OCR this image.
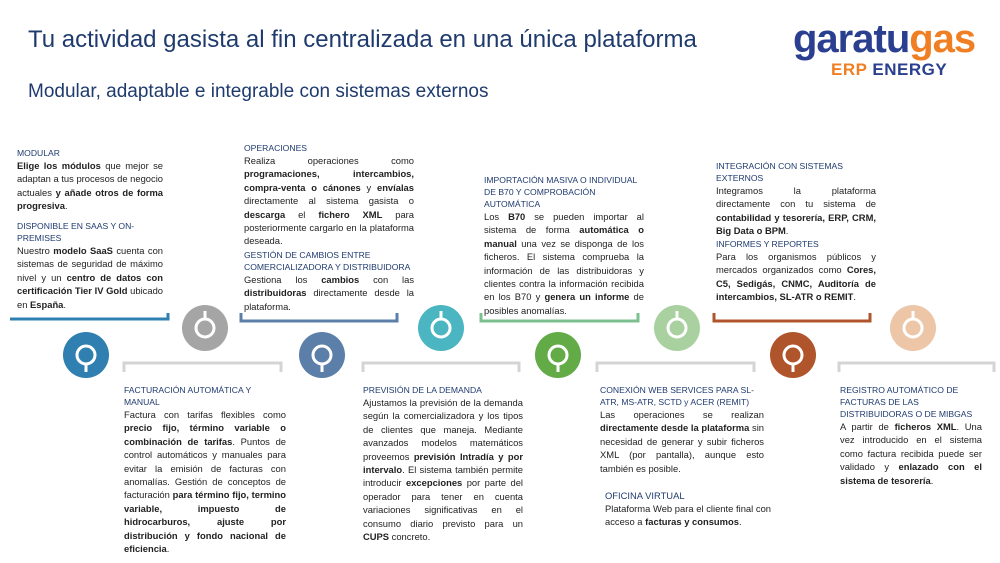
Tu actividad gasista al fin centralizada en una única plataforma
Modular, adaptable e integrable con sistemas externos
garatugas
ERP ENERGY
MODULAR

Elige los módulos que mejor se adaptan a tus procesos de negocio actuales y añade otros de forma progresiva.

DISPONIBLE EN SAAS Y ON-PREMISES

Nuestro modelo SaaS cuenta con sistemas de seguridad de máximo nivel y un centro de datos con certificación Tier IV Gold ubicado en España.

OPERACIONES

Realiza operaciones como programaciones, intercambios, compra-venta o cánones y envíalas directamente al sistema gasista o descarga el fichero XML para posteriormente cargarlo en la plataforma deseada.

GESTIÓN DE CAMBIOS ENTRE COMERCIALIZADORA Y DISTRIBUIDORA

Gestiona los cambios con las distribuidoras directamente desde la plataforma.

IMPORTACIÓN MASIVA O INDIVIDUAL DE B70 Y COMPROBACIÓN AUTOMÁTICA

Los B70 se pueden importar al sistema de forma automática o manual una vez se disponga de los ficheros. El sistema comprueba la información de las distribuidoras y clientes contra la información recibida en los B70 y genera un informe de posibles anomalías.

INTEGRACIÓN CON SISTEMAS EXTERNOS

Integramos la plataforma directamente con tu sistema de contabilidad y tesorería, ERP, CRM, Big Data o BPM.

INFORMES Y REPORTES

Para los organismos públicos y mercados organizados como Cores, C5, Sedigás, CNMC, Auditoría de intercambios, SL-ATR o REMIT.

FACTURACIÓN AUTOMÁTICA Y MANUAL

Factura con tarifas flexibles como precio fijo, término variable o combinación de tarifas. Puntos de control automáticos y manuales para evitar la emisión de facturas con anomalías. Gestión de conceptos de facturación para término fijo, termino variable, impuesto de hidrocarburos, ajuste por distribución y fondo nacional de eficiencia.

PREVISIÓN DE LA DEMANDA

Ajustamos la previsión de la demanda según la comercializadora y los tipos de clientes que maneja. Mediante avanzados modelos matemáticos proveemos previsión Intradía y por intervalo. El sistema también permite introducir excepciones por parte del operador para tener en cuenta variaciones significativas en el consumo diario previsto para un CUPS concreto.

CONEXIÓN WEB SERVICES PARA SL-ATR, MS-ATR, SCTD y ACER (REMIT)

Las operaciones se realizan directamente desde la plataforma sin necesidad de generar y subir ficheros XML (por pantalla), aunque esto también es posible.

OFICINA VIRTUAL

Plataforma Web para el cliente final con acceso a facturas y consumos.

REGISTRO AUTOMÁTICO DE FACTURAS DE LAS DISTRIBUIDORAS O DE MIBGAS

A partir de ficheros XML. Una vez introducido en el sistema como factura recibida puede ser validado y enlazado con el sistema de tesorería.
